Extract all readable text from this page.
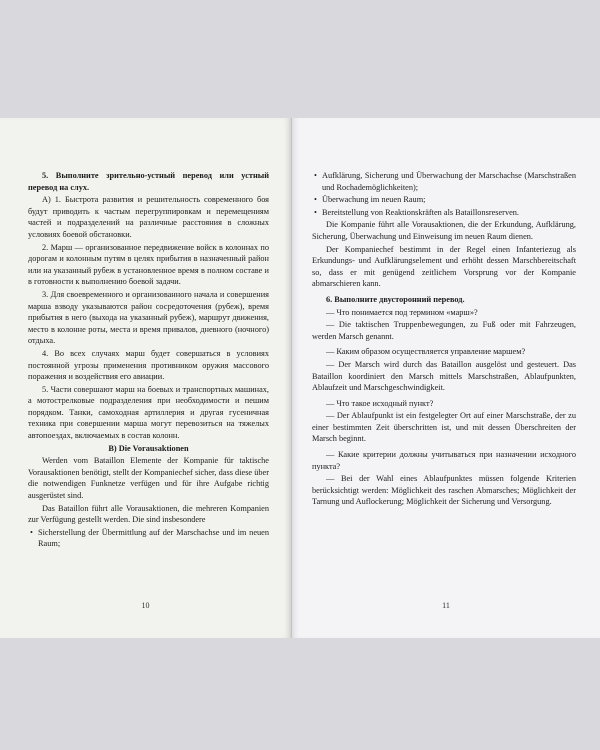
5. Выполните зрительно-устный перевод или устный перевод на слух.

А) 1. Быстрота развития и решительность современного боя будут приводить к частым перегруппировкам и перемещениям частей и подразделений на различные расстояния в сложных условиях боевой обстановки.

2. Марш — организованное передвижение войск в колоннах по дорогам и колонным путям в целях прибытия в назначенный район или на указанный рубеж в установленное время в полном составе и в готовности к выполнению боевой задачи.

3. Для своевременного и организованного начала и совершения марша взводу указываются район сосредоточения (рубеж), время прибытия в него (выхода на указанный рубеж), маршрут движения, место в колонне роты, места и время привалов, дневного (ночного) отдыха.

4. Во всех случаях марш будет совершаться в условиях постоянной угрозы применения противником оружия массового поражения и воздействия его авиации.

5. Части совершают марш на боевых и транспортных машинах, а мотострелковые подразделения при необходимости и пешим порядком. Танки, самоходная артиллерия и другая гусеничная техника при совершении марша могут перевозиться на тяжелых автопоездах, включаемых в состав колонн.

В) Die Vorausaktionen

Werden vom Bataillon Elemente der Kompanie für taktische Vorausaktionen benötigt, stellt der Kompaniechef sicher, dass diese über die notwendigen Funknetze verfügen und für ihre Aufgabe richtig ausgerüstet sind.

Das Bataillon führt alle Vorausaktionen, die mehreren Kompanien zur Verfügung gestellt werden. Die sind insbesondere

• Sicherstellung der Übermittlung auf der Marschachse und im neuen Raum;

10

• Aufklärung, Sicherung und Überwachung der Marschachse (Marschstraßen und Rochademöglichkeiten);

• Überwachung im neuen Raum;

• Bereitstellung von Reaktionskräften als Bataillonsreserven.

Die Kompanie führt alle Vorausaktionen, die der Erkundung, Aufklärung, Sicherung, Überwachung und Einweisung im neuen Raum dienen.

Der Kompaniechef bestimmt in der Regel einen Infanteriezug als Erkundungs- und Aufklärungselement und erhöht dessen Marschbereitschaft so, dass er mit genügend zeitlichem Vorsprung vor der Kompanie abmarschieren kann.

6. Выполните двусторонний перевод.

— Что понимается под термином «марш»?

— Die taktischen Truppenbewegungen, zu Fuß oder mit Fahrzeugen, werden Marsch genannt.

— Каким образом осуществляется управление маршем?

— Der Marsch wird durch das Bataillon ausgelöst und gesteuert. Das Bataillon koordiniert den Marsch mittels Marschstraßen, Ablaufpunkten, Ablaufzeit und Marschgeschwindigkeit.

— Что такое исходный пункт?

— Der Ablaufpunkt ist ein festgelegter Ort auf einer Marschstraße, der zu einer bestimmten Zeit überschritten ist, und mit dessen Überschreiten der Marsch beginnt.

— Какие критерии должны учитываться при назначении исходного пункта?

— Bei der Wahl eines Ablaufpunktes müssen folgende Kriterien berücksichtigt werden: Möglichkeit des raschen Abmarsches; Möglichkeit der Tarnung und Auflockerung; Möglichkeit der Sicherung und Versorgung.

11
